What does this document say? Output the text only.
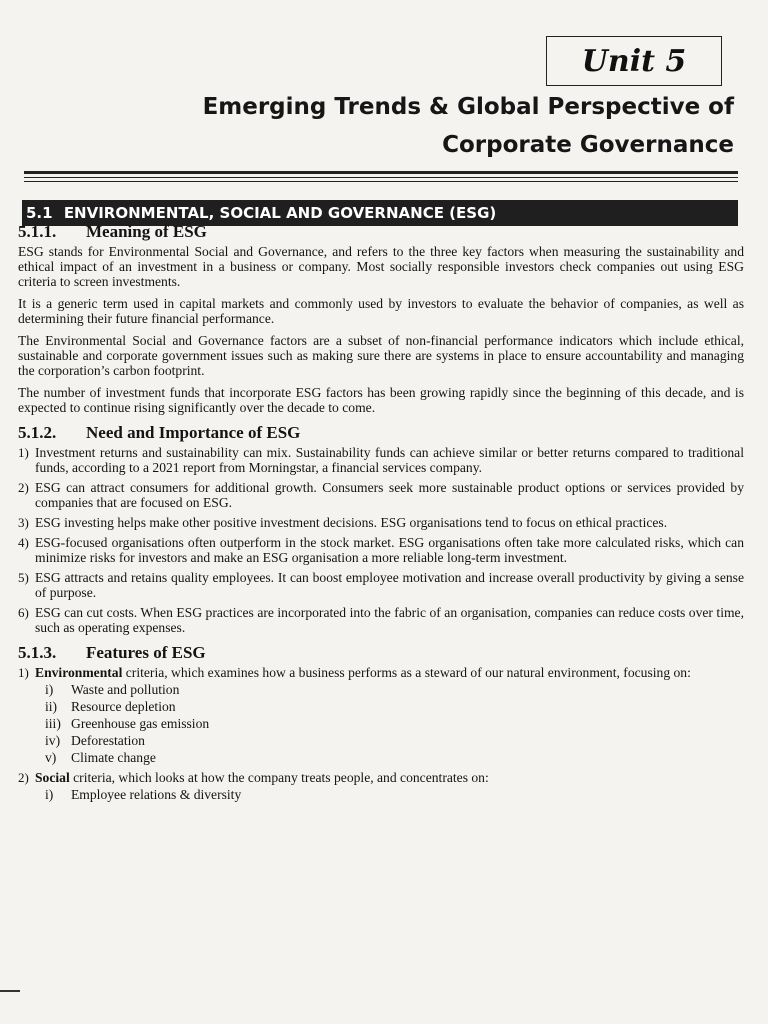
Unit 5
Emerging Trends & Global Perspective of
Corporate Governance
5.1 ENVIRONMENTAL, SOCIAL AND GOVERNANCE (ESG)
5.1.1. Meaning of ESG

ESG stands for Environmental Social and Governance, and refers to the three key factors when measuring the sustainability and ethical impact of an investment in a business or company. Most socially responsible investors check companies out using ESG criteria to screen investments.

It is a generic term used in capital markets and commonly used by investors to evaluate the behavior of companies, as well as determining their future financial performance.

The Environmental Social and Governance factors are a subset of non-financial performance indicators which include ethical, sustainable and corporate government issues such as making sure there are systems in place to ensure accountability and managing the corporation’s carbon footprint.

The number of investment funds that incorporate ESG factors has been growing rapidly since the beginning of this decade, and is expected to continue rising significantly over the decade to come.

5.1.2. Need and Importance of ESG
1) Investment returns and sustainability can mix. Sustainability funds can achieve similar or better returns compared to traditional funds, according to a 2021 report from Morningstar, a financial services company.
2) ESG can attract consumers for additional growth. Consumers seek more sustainable product options or services provided by companies that are focused on ESG.
3) ESG investing helps make other positive investment decisions. ESG organisations tend to focus on ethical practices.
4) ESG-focused organisations often outperform in the stock market. ESG organisations often take more calculated risks, which can minimize risks for investors and make an ESG organisation a more reliable long-term investment.
5) ESG attracts and retains quality employees. It can boost employee motivation and increase overall productivity by giving a sense of purpose.
6) ESG can cut costs. When ESG practices are incorporated into the fabric of an organisation, companies can reduce costs over time, such as operating expenses.
5.1.3. Features of ESG
1) Environmental criteria, which examines how a business performs as a steward of our natural environment, focusing on:
i)	Waste and pollution
ii)	Resource depletion
iii) Greenhouse gas emission
iv) Deforestation
v)	Climate change
2) Social criteria, which looks at how the company treats people, and concentrates on:
i)	Employee relations & diversity
